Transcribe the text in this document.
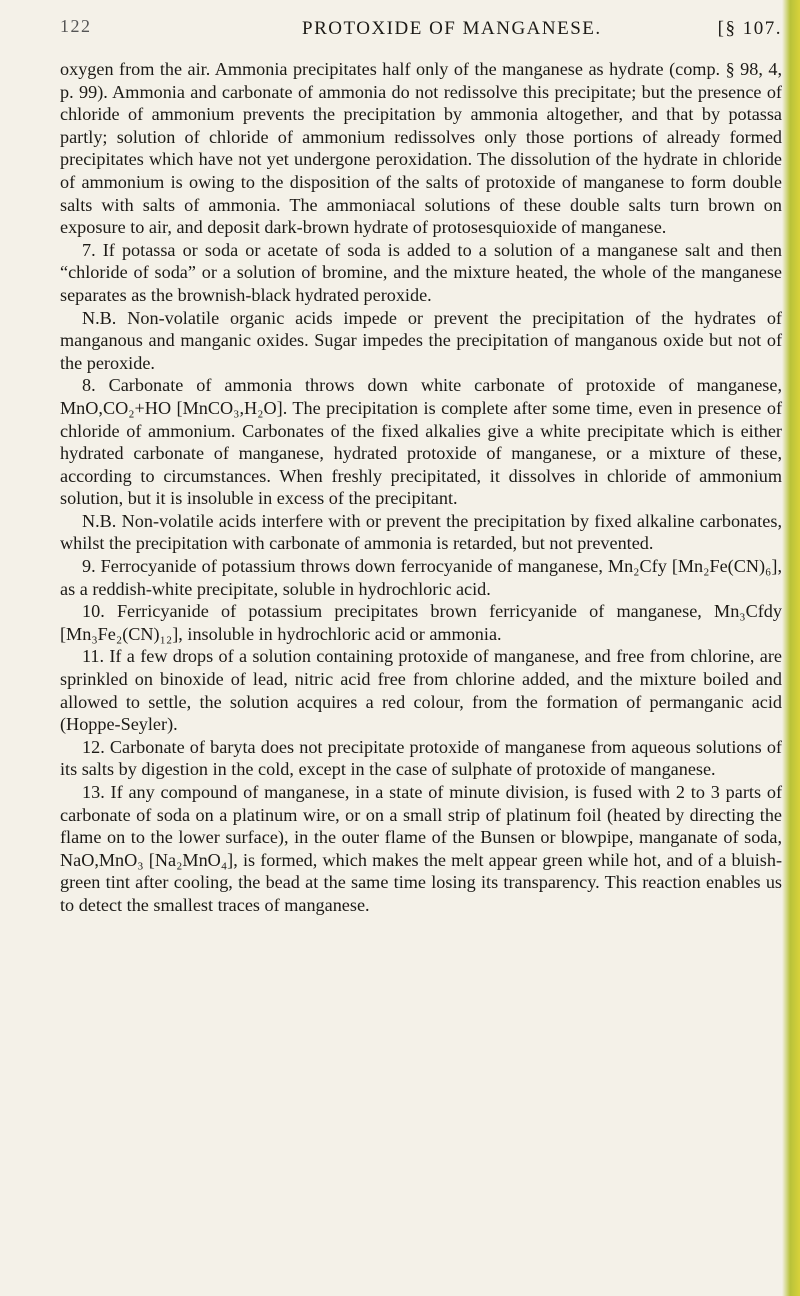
122	PROTOXIDE OF MANGANESE.	[§ 107.

oxygen from the air. Ammonia precipitates half only of the manganese as hydrate (comp. § 98, 4, p. 99). Ammonia and carbonate of ammonia do not redissolve this precipitate; but the presence of chloride of ammonium prevents the precipitation by ammonia altogether, and that by potassa partly; solution of chloride of ammonium redissolves only those portions of already formed precipitates which have not yet undergone peroxidation. The dissolution of the hydrate in chloride of ammonium is owing to the disposition of the salts of protoxide of manganese to form double salts with salts of ammonia. The ammoniacal solutions of these double salts turn brown on exposure to air, and deposit dark-brown hydrate of protosesquioxide of manganese.

7. If potassa or soda or acetate of soda is added to a solution of a manganese salt and then “chloride of soda” or a solution of bromine, and the mixture heated, the whole of the manganese separates as the brownish-black hydrated peroxide.

N.B. Non-volatile organic acids impede or prevent the precipitation of the hydrates of manganous and manganic oxides. Sugar impedes the precipitation of manganous oxide but not of the peroxide.

8. Carbonate of ammonia throws down white carbonate of protoxide of manganese, MnO,CO₂+HO [MnCO₃,H₂O]. The precipitation is complete after some time, even in presence of chloride of ammonium. Carbonates of the fixed alkalies give a white precipitate which is either hydrated carbonate of manganese, hydrated protoxide of manganese, or a mixture of these, according to circumstances. When freshly precipitated, it dissolves in chloride of ammonium solution, but it is insoluble in excess of the precipitant.

N.B. Non-volatile acids interfere with or prevent the precipitation by fixed alkaline carbonates, whilst the precipitation with carbonate of ammonia is retarded, but not prevented.

9. Ferrocyanide of potassium throws down ferrocyanide of manganese, Mn₂Cfy [Mn₂Fe(CN)₆], as a reddish-white precipitate, soluble in hydrochloric acid.

10. Ferricyanide of potassium precipitates brown ferricyanide of manganese, Mn₃Cfdy [Mn₃Fe₂(CN)₁₂], insoluble in hydrochloric acid or ammonia.

11. If a few drops of a solution containing protoxide of manganese, and free from chlorine, are sprinkled on binoxide of lead, nitric acid free from chlorine added, and the mixture boiled and allowed to settle, the solution acquires a red colour, from the formation of permanganic acid (Hoppe-Seyler).

12. Carbonate of baryta does not precipitate protoxide of manganese from aqueous solutions of its salts by digestion in the cold, except in the case of sulphate of protoxide of manganese.

13. If any compound of manganese, in a state of minute division, is fused with 2 to 3 parts of carbonate of soda on a platinum wire, or on a small strip of platinum foil (heated by directing the flame on to the lower surface), in the outer flame of the Bunsen or blowpipe, manganate of soda, NaO,MnO₃ [Na₂MnO₄], is formed, which makes the melt appear green while hot, and of a bluish-green tint after cooling, the bead at the same time losing its transparency. This reaction enables us to detect the smallest traces of manganese.
